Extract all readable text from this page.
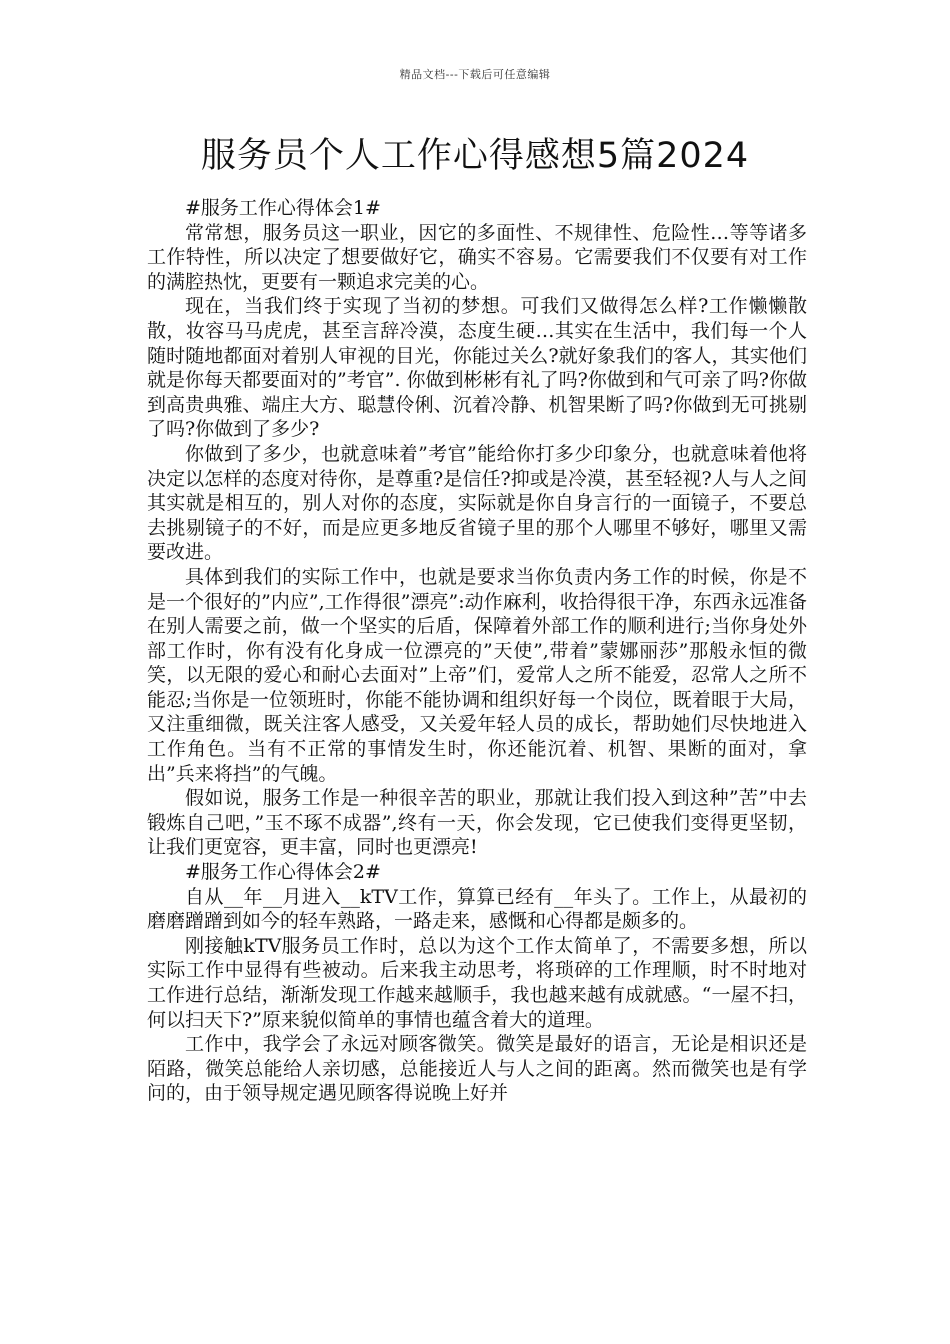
精品文档---下载后可任意编辑
服务员个人工作心得感想5篇2024

#服务工作心得体会1#

常常想，服务员这一职业，因它的多面性、不规律性、危险性…等等诸多工作特性，所以决定了想要做好它，确实不容易。它需要我们不仅要有对工作的满腔热忱，更要有一颗追求完美的心。

现在，当我们终于实现了当初的梦想。可我们又做得怎么样?工作懒懒散散，妆容马马虎虎，甚至言辞冷漠，态度生硬…其实在生活中，我们每一个人随时随地都面对着别人审视的目光，你能过关么?就好象我们的客人，其实他们就是你每天都要面对的”考官”. 你做到彬彬有礼了吗?你做到和气可亲了吗?你做到高贵典雅、端庄大方、聪慧伶俐、沉着冷静、机智果断了吗?你做到无可挑剔了吗?你做到了多少?

你做到了多少，也就意味着”考官”能给你打多少印象分，也就意味着他将决定以怎样的态度对待你，是尊重?是信任?抑或是冷漠，甚至轻视?人与人之间其实就是相互的，别人对你的态度，实际就是你自身言行的一面镜子，不要总去挑剔镜子的不好，而是应更多地反省镜子里的那个人哪里不够好，哪里又需要改进。

具体到我们的实际工作中，也就是要求当你负责内务工作的时候，你是不是一个很好的”内应”,工作得很”漂亮”:动作麻利，收拾得很干净，东西永远准备在别人需要之前，做一个坚实的后盾，保障着外部工作的顺利进行;当你身处外部工作时，你有没有化身成一位漂亮的”天使”,带着”蒙娜丽莎”那般永恒的微笑，以无限的爱心和耐心去面对”上帝”们，爱常人之所不能爱，忍常人之所不能忍;当你是一位领班时，你能不能协调和组织好每一个岗位，既着眼于大局，又注重细微，既关注客人感受，又关爱年轻人员的成长，帮助她们尽快地进入工作角色。当有不正常的事情发生时，你还能沉着、机智、果断的面对，拿出”兵来将挡”的气魄。

假如说，服务工作是一种很辛苦的职业，那就让我们投入到这种”苦”中去锻炼自己吧，”玉不琢不成器”,终有一天，你会发现，它已使我们变得更坚韧，让我们更宽容，更丰富，同时也更漂亮!

#服务工作心得体会2#

自从__年__月进入__kTV工作，算算已经有__年头了。工作上，从最初的磨磨蹭蹭到如今的轻车熟路，一路走来，感慨和心得都是颇多的。

刚接触kTV服务员工作时，总以为这个工作太简单了，不需要多想，所以实际工作中显得有些被动。后来我主动思考，将琐碎的工作理顺，时不时地对工作进行总结，渐渐发现工作越来越顺手，我也越来越有成就感。“一屋不扫，何以扫天下?”原来貌似简单的事情也蕴含着大的道理。

工作中，我学会了永远对顾客微笑。微笑是最好的语言，无论是相识还是陌路，微笑总能给人亲切感，总能接近人与人之间的距离。然而微笑也是有学问的，由于领导规定遇见顾客得说晚上好并
